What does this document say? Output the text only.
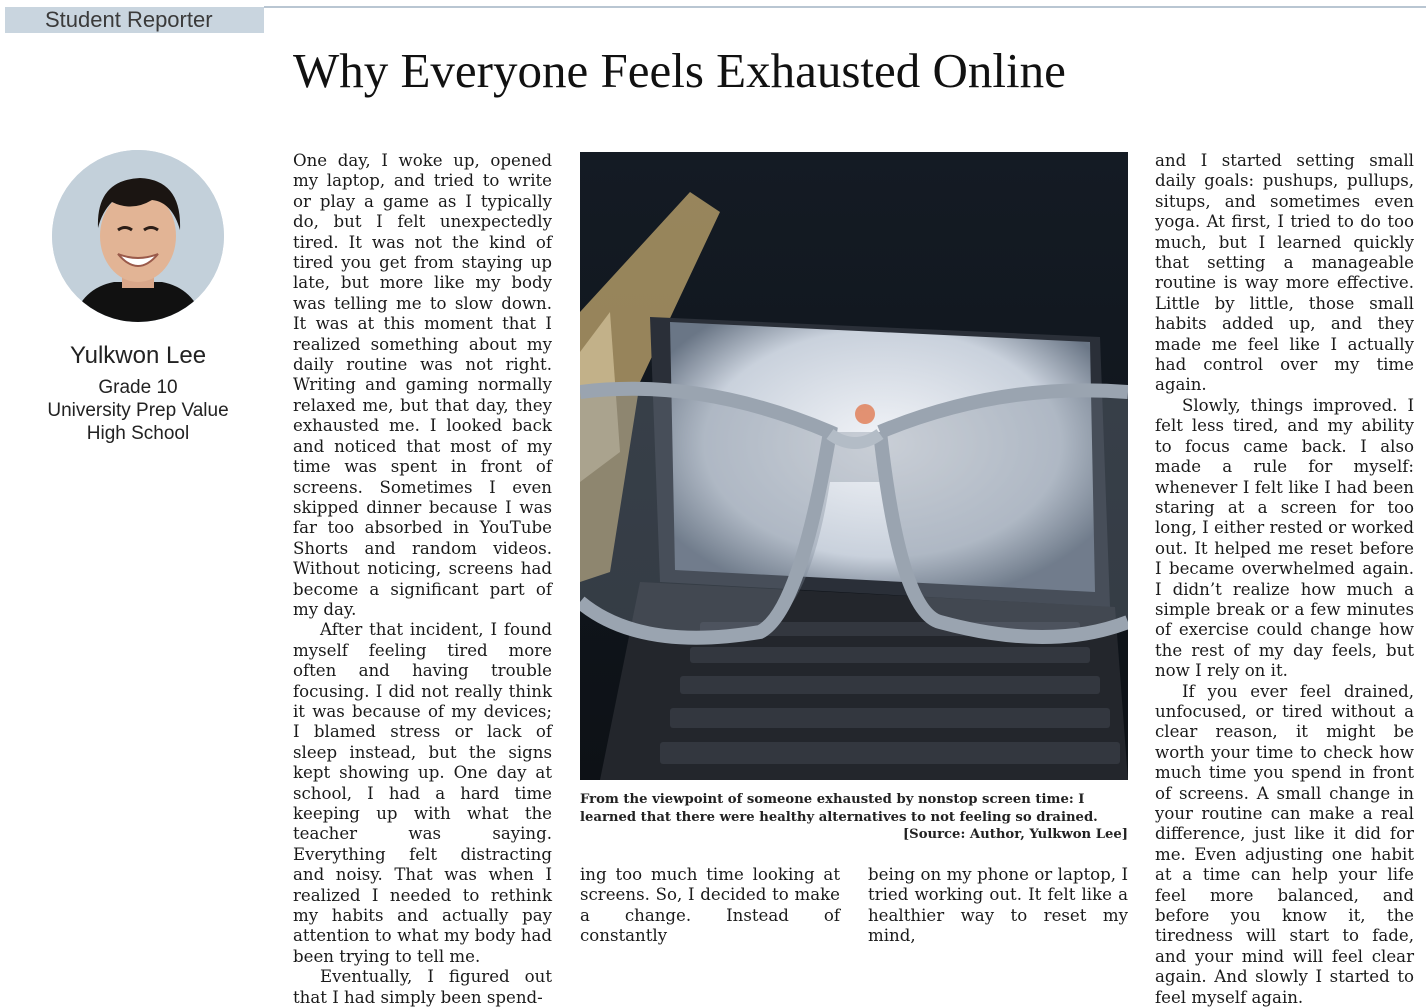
Student Reporter
Why Everyone Feels Exhausted Online
Yulkwon Lee
Grade 10
University Prep Value High School

One day, I woke up, opened my laptop, and tried to write or play a game as I typically do, but I felt unexpectedly tired. It was not the kind of tired you get from staying up late, but more like my body was telling me to slow down. It was at this moment that I realized something about my daily routine was not right. Writing and gaming normally relaxed me, but that day, they exhausted me. I looked back and noticed that most of my time was spent in front of screens. Sometimes I even skipped dinner because I was far too absorbed in YouTube Shorts and random videos. Without noticing, screens had become a significant part of my day.

After that incident, I found myself feeling tired more often and having trouble focusing. I did not really think it was because of my devices; I blamed stress or lack of sleep instead, but the signs kept showing up. One day at school, I had a hard time keeping up with what the teacher was saying. Everything felt distracting and noisy. That was when I realized I needed to rethink my habits and actually pay attention to what my body had been trying to tell me.

Eventually, I figured out that I had simply been spend-

From the viewpoint of someone exhausted by nonstop screen time: I learned that there were healthy alternatives to not feeling so drained.
[Source: Author, Yulkwon Lee]

ing too much time looking at screens. So, I decided to make a change. Instead of constantly

being on my phone or laptop, I tried working out. It felt like a healthier way to reset my mind,

and I started setting small daily goals: pushups, pullups, situps, and sometimes even yoga. At first, I tried to do too much, but I learned quickly that setting a manageable routine is way more effective. Little by little, those small habits added up, and they made me feel like I actually had control over my time again.

Slowly, things improved. I felt less tired, and my ability to focus came back. I also made a rule for myself: whenever I felt like I had been staring at a screen for too long, I either rested or worked out. It helped me reset before I became overwhelmed again. I didn’t realize how much a simple break or a few minutes of exercise could change how the rest of my day feels, but now I rely on it.

If you ever feel drained, unfocused, or tired without a clear reason, it might be worth your time to check how much time you spend in front of screens. A small change in your routine can make a real difference, just like it did for me. Even adjusting one habit at a time can help your life feel more balanced, and before you know it, the tiredness will start to fade, and your mind will feel clear again. And slowly I started to feel myself again.
